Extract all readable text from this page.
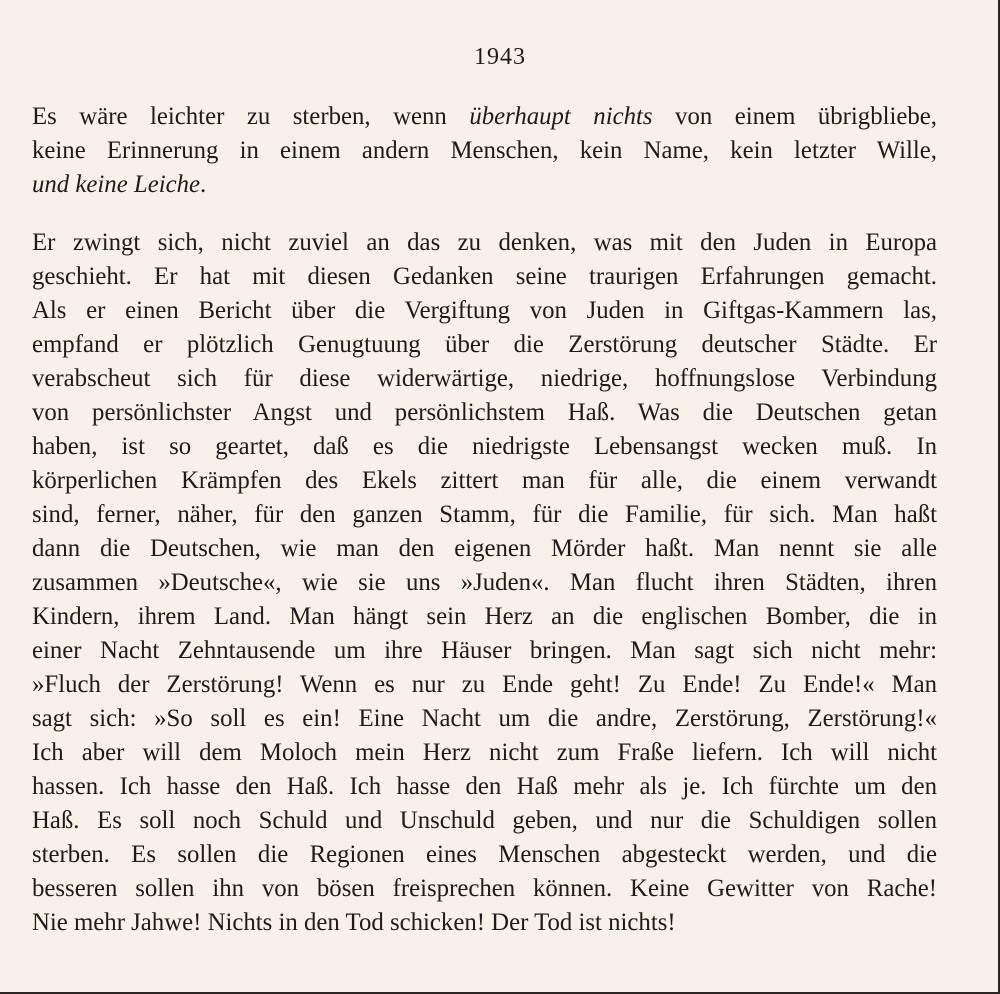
1943
Es wäre leichter zu sterben, wenn überhaupt nichts von einem übrigbliebe,
keine Erinnerung in einem andern Menschen, kein Name, kein letzter Wille,
und keine Leiche.
Er zwingt sich, nicht zuviel an das zu denken, was mit den Juden in Europa
geschieht. Er hat mit diesen Gedanken seine traurigen Erfahrungen gemacht.
Als er einen Bericht über die Vergiftung von Juden in Giftgas-Kammern las,
empfand er plötzlich Genugtuung über die Zerstörung deutscher Städte. Er
verabscheut sich für diese widerwärtige, niedrige, hoffnungslose Verbindung
von persönlichster Angst und persönlichstem Haß. Was die Deutschen getan
haben, ist so geartet, daß es die niedrigste Lebensangst wecken muß. In
körperlichen Krämpfen des Ekels zittert man für alle, die einem verwandt
sind, ferner, näher, für den ganzen Stamm, für die Familie, für sich. Man haßt
dann die Deutschen, wie man den eigenen Mörder haßt. Man nennt sie alle
zusammen »Deutsche«, wie sie uns »Juden«. Man flucht ihren Städten, ihren
Kindern, ihrem Land. Man hängt sein Herz an die englischen Bomber, die in
einer Nacht Zehntausende um ihre Häuser bringen. Man sagt sich nicht mehr:
»Fluch der Zerstörung! Wenn es nur zu Ende geht! Zu Ende! Zu Ende!« Man
sagt sich: »So soll es ein! Eine Nacht um die andre, Zerstörung, Zerstörung!«
Ich aber will dem Moloch mein Herz nicht zum Fraße liefern. Ich will nicht
hassen. Ich hasse den Haß. Ich hasse den Haß mehr als je. Ich fürchte um den
Haß. Es soll noch Schuld und Unschuld geben, und nur die Schuldigen sollen
sterben. Es sollen die Regionen eines Menschen abgesteckt werden, und die
besseren sollen ihn von bösen freisprechen können. Keine Gewitter von Rache!
Nie mehr Jahwe! Nichts in den Tod schicken! Der Tod ist nichts!
